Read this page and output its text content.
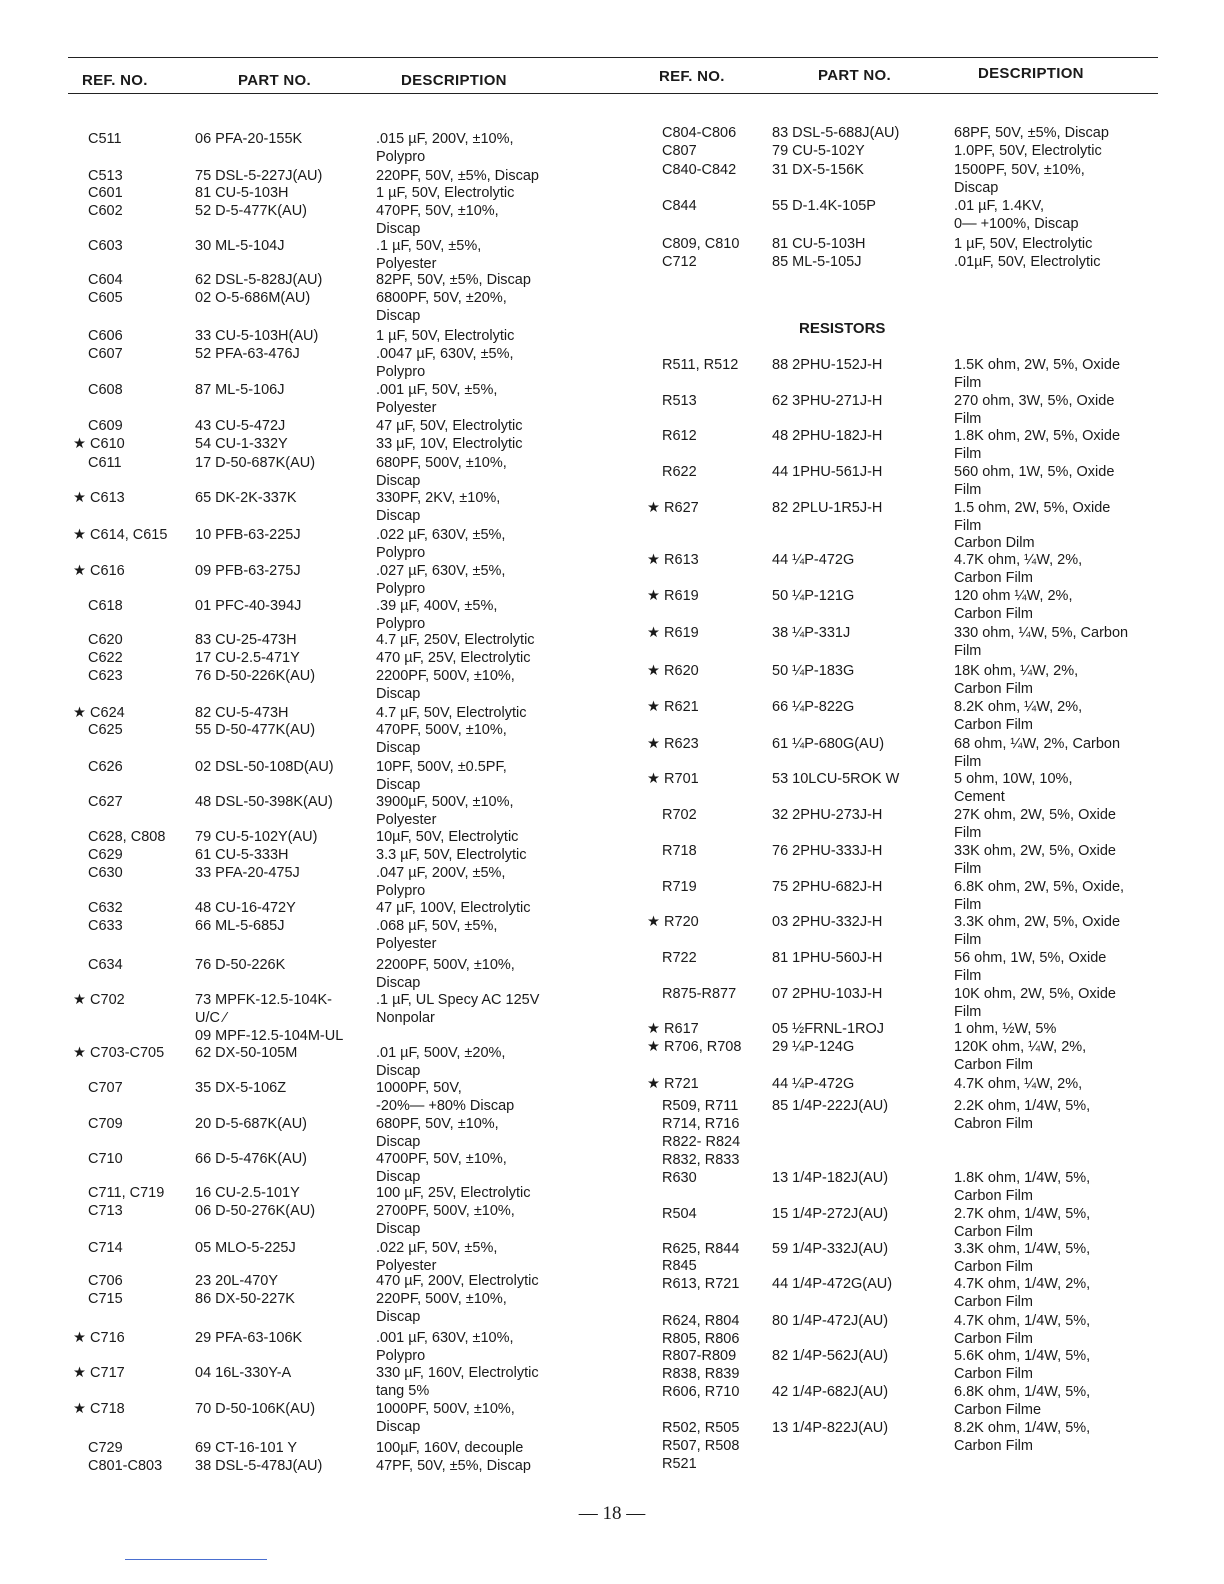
REF. NO.	PART NO.	DESCRIPTION	REF. NO.	PART NO.	DESCRIPTION
C511	06 PFA-20-155K	.015 µF, 200V, ±10%,
Polypro
C513	75 DSL-5-227J(AU)	220PF, 50V, ±5%, Discap
C601	81 CU-5-103H	1 µF, 50V, Electrolytic
C602	52 D-5-477K(AU)	470PF, 50V, ±10%,
Discap
C603	30 ML-5-104J	.1 µF, 50V, ±5%,
Polyester
C604	62 DSL-5-828J(AU)	82PF, 50V, ±5%, Discap
C605	02 O-5-686M(AU)	6800PF, 50V, ±20%,
Discap
C606	33 CU-5-103H(AU)	1 µF, 50V, Electrolytic
C607	52 PFA-63-476J	.0047 µF, 630V, ±5%,
Polypro
C608	87 ML-5-106J	.001 µF, 50V, ±5%,
Polyester
C609	43 CU-5-472J	47 µF, 50V, Electrolytic
★ C610	54 CU-1-332Y	33 µF, 10V, Electrolytic
C611	17 D-50-687K(AU)	680PF, 500V, ±10%,
Discap
★ C613	65 DK-2K-337K	330PF, 2KV, ±10%,
Discap
★ C614, C615 10 PFB-63-225J	.022 µF, 630V, ±5%,
Polypro
★ C616	09 PFB-63-275J	.027 µF, 630V, ±5%,
Polypro
C618	01 PFC-40-394J	.39 µF, 400V, ±5%,
Polypro
C620	83 CU-25-473H	4.7 µF, 250V, Electrolytic
C622	17 CU-2.5-471Y	470 µF, 25V, Electrolytic
C623	76 D-50-226K(AU)	2200PF, 500V, ±10%,
Discap
★ C624	82 CU-5-473H	4.7 µF, 50V, Electrolytic
C625	55 D-50-477K(AU)	470PF, 500V, ±10%,
Discap
C626	02 DSL-50-108D(AU)	10PF, 500V, ±0.5PF,
Discap
C627	48 DSL-50-398K(AU)	3900µF, 500V, ±10%,
Polyester
C628, C808 79 CU-5-102Y(AU)	10µF, 50V, Electrolytic
C629	61 CU-5-333H	3.3 µF, 50V, Electrolytic
C630	33 PFA-20-475J	.047 µF, 200V, ±5%,
Polypro
C632	48 CU-16-472Y	47 µF, 100V, Electrolytic
C633	66 ML-5-685J	.068 µF, 50V, ±5%,
Polyester
C634	76 D-50-226K	2200PF, 500V, ±10%,
Discap
★ C702	73 MPFK-12.5-104K-	.1 µF, UL Specy AC 125V
U/C ⁄	Nonpolar
09 MPF-12.5-104M-UL
★ C703-C705 62 DX-50-105M	.01 µF, 500V, ±20%,
Discap
C707	35 DX-5-106Z	1000PF, 50V,
-20%— +80% Discap
C709	20 D-5-687K(AU)	680PF, 50V, ±10%,
Discap
C710	66 D-5-476K(AU)	4700PF, 50V, ±10%,
Discap
C711, C719 16 CU-2.5-101Y	100 µF, 25V, Electrolytic
C713	06 D-50-276K(AU)	2700PF, 500V, ±10%,
Discap
C714	05 MLO-5-225J	.022 µF, 50V, ±5%,
Polyester
C706	23 20L-470Y	470 µF, 200V, Electrolytic
C715	86 DX-50-227K	220PF, 500V, ±10%,
Discap
★ C716	29 PFA-63-106K	.001 µF, 630V, ±10%,
Polypro
★ C717	04 16L-330Y-A	330 µF, 160V, Electrolytic
tang 5%
★ C718	70 D-50-106K(AU)	1000PF, 500V, ±10%,
Discap
C729	69 CT-16-101 Y	100µF, 160V, decouple
C801-C803 38 DSL-5-478J(AU)	47PF, 50V, ±5%, Discap
C804-C806 83 DSL-5-688J(AU)	68PF, 50V, ±5%, Discap
C807	79 CU-5-102Y	1.0PF, 50V, Electrolytic
C840-C842 31 DX-5-156K	1500PF, 50V, ±10%,
Discap
C844	55 D-1.4K-105P	.01 µF, 1.4KV,
0— +100%, Discap
C809, C810 81 CU-5-103H	1 µF, 50V, Electrolytic
C712	85 ML-5-105J	.01µF, 50V, Electrolytic
R511, R512 88 2PHU-152J-H	1.5K ohm, 2W, 5%, Oxide
Film
R513	62 3PHU-271J-H	270 ohm, 3W, 5%, Oxide
Film
R612	48 2PHU-182J-H	1.8K ohm, 2W, 5%, Oxide
Film
R622	44 1PHU-561J-H	560 ohm, 1W, 5%, Oxide
Film
★ R627	82 2PLU-1R5J-H	1.5 ohm, 2W, 5%, Oxide
Film
Carbon Dilm
★ R613	44 ¼P-472G	4.7K ohm, ¼W, 2%,
Carbon Film
★ R619	50 ¼P-121G	120 ohm ¼W, 2%,
Carbon Film
★ R619	38 ¼P-331J	330 ohm, ¼W, 5%, Carbon
Film
★ R620	50 ¼P-183G	18K ohm, ¼W, 2%,
Carbon Film
★ R621	66 ¼P-822G	8.2K ohm, ¼W, 2%,
Carbon Film
★ R623	61 ¼P-680G(AU)	68 ohm, ¼W, 2%, Carbon
Film
★ R701	53 10LCU-5ROK W	5 ohm, 10W, 10%,
Cement
R702	32 2PHU-273J-H	27K ohm, 2W, 5%, Oxide
Film
R718	76 2PHU-333J-H	33K ohm, 2W, 5%, Oxide
Film
R719	75 2PHU-682J-H	6.8K ohm, 2W, 5%, Oxide,
Film
★ R720	03 2PHU-332J-H	3.3K ohm, 2W, 5%, Oxide
Film
R722	81 1PHU-560J-H	56 ohm, 1W, 5%, Oxide
Film
R875-R877 07 2PHU-103J-H	10K ohm, 2W, 5%, Oxide
Film
★ R617	05 ½FRNL-1ROJ	1 ohm, ½W, 5%
★ R706, R708 29 ¼P-124G	120K ohm, ¼W, 2%,
Carbon Film
★ R721	44 ¼P-472G	4.7K ohm, ¼W, 2%,
R509, R711 85 1/4P-222J(AU)	2.2K ohm, 1/4W, 5%,
Cabron Film
R714, R716
R822- R824
R832, R833
R630	13 1/4P-182J(AU)	1.8K ohm, 1/4W, 5%,
Carbon Film
R504	15 1/4P-272J(AU)	2.7K ohm, 1/4W, 5%,
Carbon Film
R625, R844 59 1/4P-332J(AU)	3.3K ohm, 1/4W, 5%,
Carbon Film
R845
R613, R721 44 1/4P-472G(AU)	4.7K ohm, 1/4W, 2%,
Carbon Film
R624, R804 80 1/4P-472J(AU)	4.7K ohm, 1/4W, 5%,
Carbon Film
R805, R806
R807-R809 82 1/4P-562J(AU)	5.6K ohm, 1/4W, 5%,
Carbon Film
R838, R839
R606, R710 42 1/4P-682J(AU)	6.8K ohm, 1/4W, 5%,
Carbon Filme
R502, R505 13 1/4P-822J(AU)	8.2K ohm, 1/4W, 5%,
Carbon Film
R507, R508
R521
RESISTORS
— 18 —
